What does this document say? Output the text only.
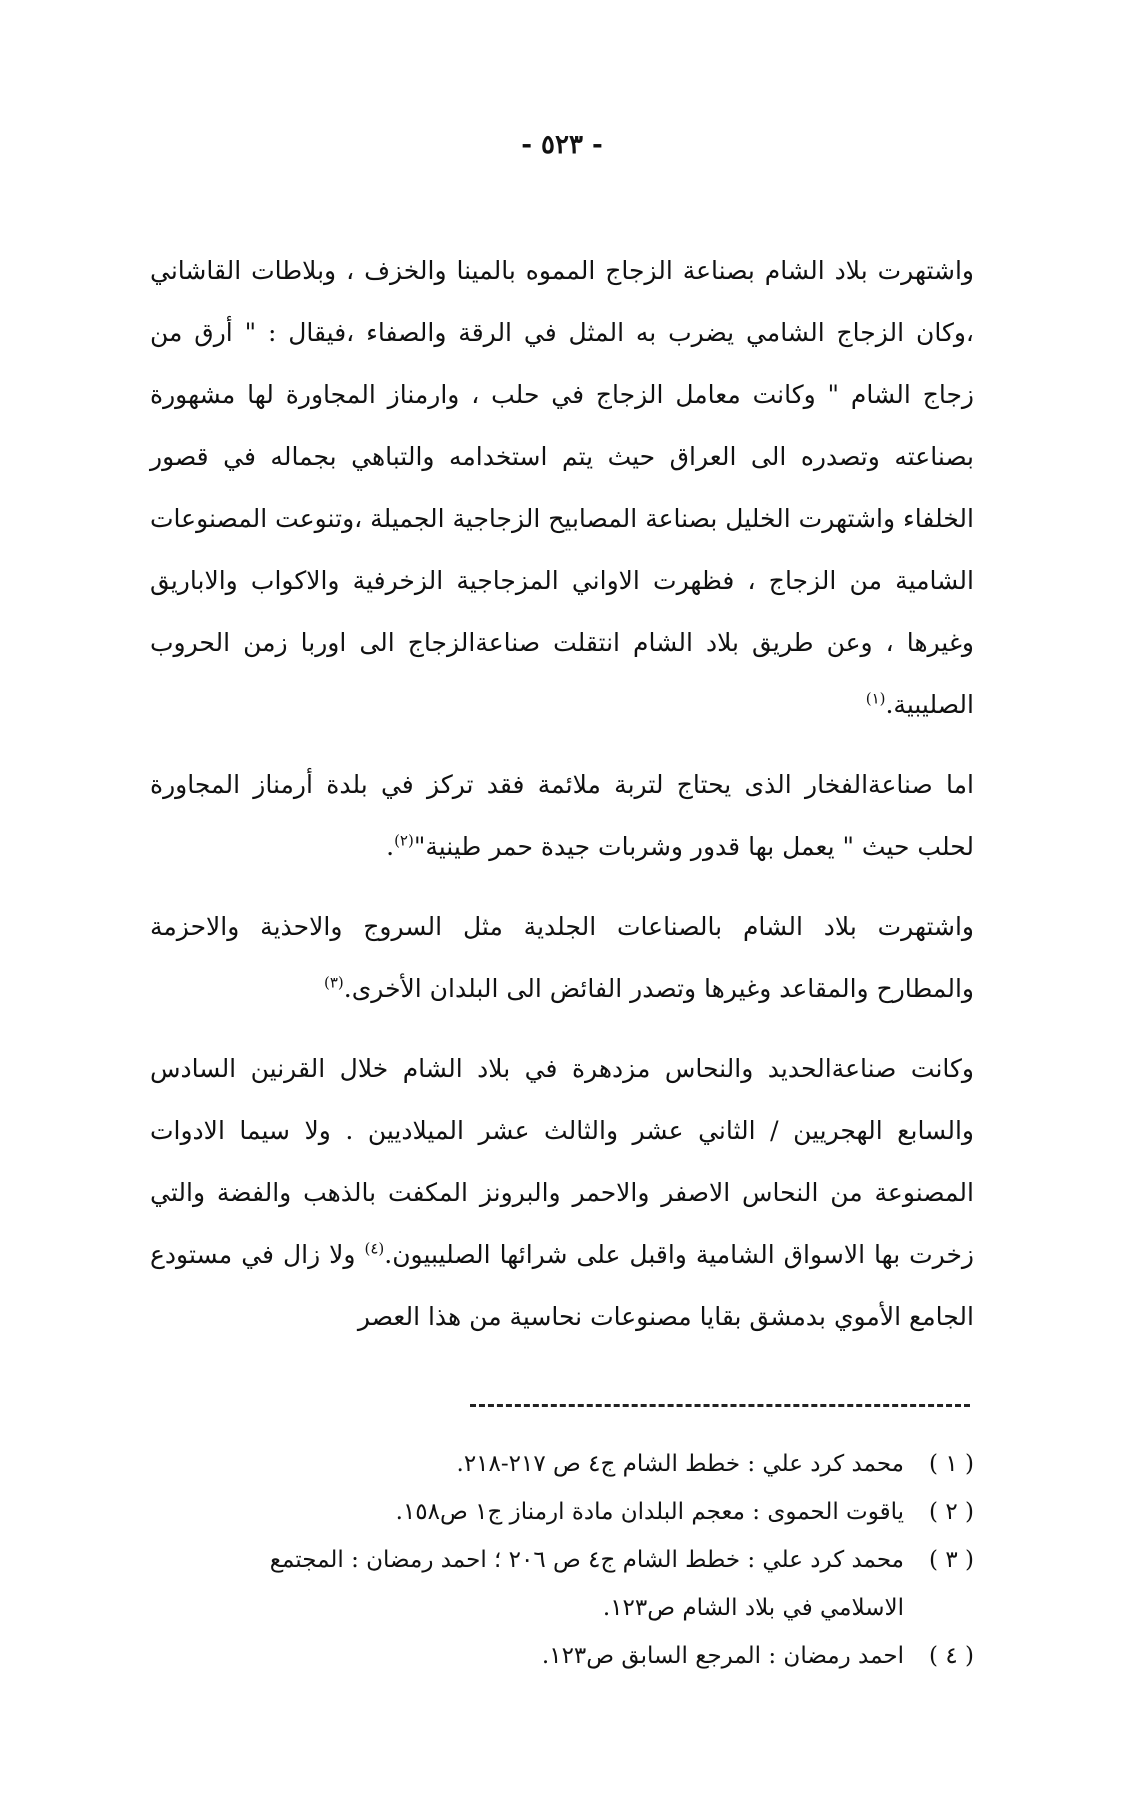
- ٥٢٣ -

واشتهرت بلاد الشام بصناعة الزجاج المموه بالمينا والخزف ، وبلاطات القاشاني ،وكان الزجاج الشامي يضرب به المثل في الرقة والصفاء ،فيقال : " أرق من زجاج الشام " وكانت معامل الزجاج في حلب ، وارمناز المجاورة لها مشهورة بصناعته وتصدره الى العراق حيث يتم استخدامه والتباهي بجماله في قصور الخلفاء واشتهرت الخليل بصناعة المصابيح الزجاجية الجميلة ،وتنوعت المصنوعات الشامية من الزجاج ، فظهرت الاواني المزجاجية الزخرفية والاكواب والاباريق وغيرها ، وعن طريق بلاد الشام انتقلت صناعةالزجاج الى اوربا زمن الحروب الصليبية.$^{(١)}$

اما صناعةالفخار الذى يحتاج لتربة ملائمة فقد تركز في بلدة أرمناز المجاورة لحلب حيث " يعمل بها قدور وشربات جيدة حمر طينية"$^{(٢)}$.

واشتهرت بلاد الشام بالصناعات الجلدية مثل السروج والاحذية والاحزمة والمطارح والمقاعد وغيرها وتصدر الفائض الى البلدان الأخرى.$^{(٣)}$

وكانت صناعةالحديد والنحاس مزدهرة في بلاد الشام خلال القرنين السادس والسابع الهجريين / الثاني عشر والثالث عشر الميلاديين . ولا سيما الادوات المصنوعة من النحاس الاصفر والاحمر والبرونز المكفت بالذهب والفضة والتي زخرت بها الاسواق الشامية واقبل على شرائها الصليبيون.$^{(٤)}$ ولا زال في مستودع الجامع الأموي بدمشق بقايا مصنوعات نحاسية من هذا العصر

( ١ )
محمد كرد علي : خطط الشام ج٤ ص ٢١٧-٢١٨.
( ٢ )
ياقوت الحموى : معجم البلدان مادة ارمناز ج١ ص١٥٨.
( ٣ )
محمد كرد علي : خطط الشام ج٤ ص ٢٠٦ ؛ احمد رمضان : المجتمع الاسلامي في بلاد الشام ص١٢٣.
( ٤ )
احمد رمضان : المرجع السابق ص١٢٣.
